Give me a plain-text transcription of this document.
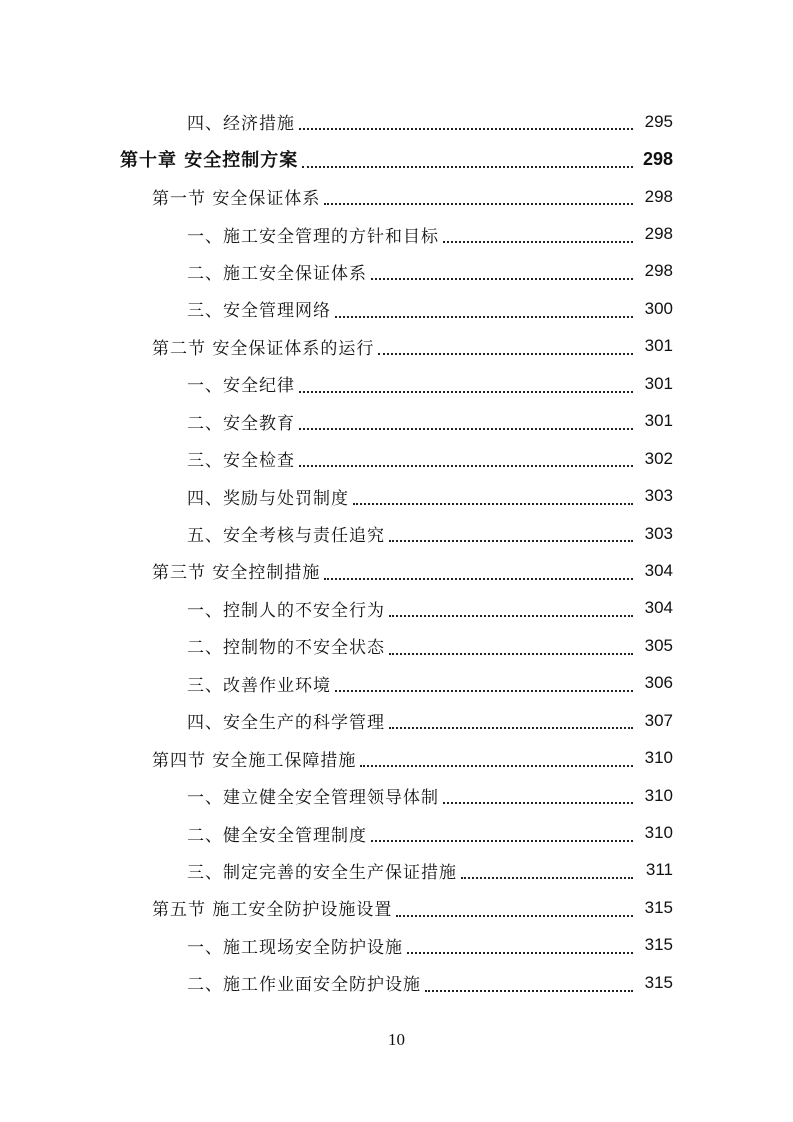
四、经济措施	295
第十章 安全控制方案	298
第一节 安全保证体系	298
一、施工安全管理的方针和目标	298
二、施工安全保证体系	298
三、安全管理网络	300
第二节 安全保证体系的运行	301
一、安全纪律	301
二、安全教育	301
三、安全检查	302
四、奖励与处罚制度	303
五、安全考核与责任追究	303
第三节 安全控制措施	304
一、控制人的不安全行为	304
二、控制物的不安全状态	305
三、改善作业环境	306
四、安全生产的科学管理	307
第四节 安全施工保障措施	310
一、建立健全安全管理领导体制	310
二、健全安全管理制度	310
三、制定完善的安全生产保证措施	311
第五节 施工安全防护设施设置	315
一、施工现场安全防护设施	315
二、施工作业面安全防护设施	315
10
